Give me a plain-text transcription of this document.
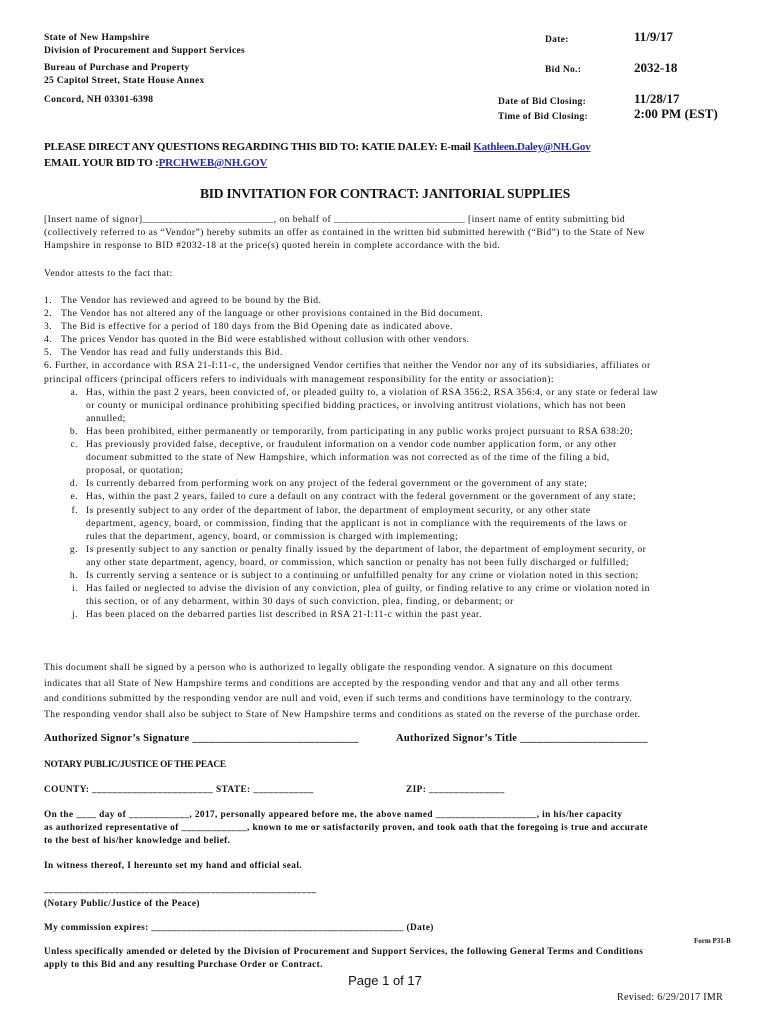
State of New Hampshire
Division of Procurement and Support Services
Bureau of Purchase and Property
25 Capitol Street, State House Annex
Concord, NH 03301-6398
Date:	11/9/17
Bid No.:	2032-18
Date of Bid Closing:	11/28/17
Time of Bid Closing:	2:00 PM (EST)
PLEASE DIRECT ANY QUESTIONS REGARDING THIS BID TO: KATIE DALEY: E-mail Kathleen.Daley@NH.Gov
EMAIL YOUR BID TO :PRCHWEB@NH.GOV
BID INVITATION FOR CONTRACT: JANITORIAL SUPPLIES
[Insert name of signor]_________________________, on behalf of _________________________ [insert name of entity submitting bid
(collectively referred to as “Vendor”) hereby submits an offer as contained in the written bid submitted herewith (“Bid”) to the State of New
Hampshire in response to BID #2032-18 at the price(s) quoted herein in complete accordance with the bid.
Vendor attests to the fact that:
1. The Vendor has reviewed and agreed to be bound by the Bid.
2. The Vendor has not altered any of the language or other provisions contained in the Bid document.
3. The Bid is effective for a period of 180 days from the Bid Opening date as indicated above.
4. The prices Vendor has quoted in the Bid were established without collusion with other vendors.
5. The Vendor has read and fully understands this Bid.
6. Further, in accordance with RSA 21-I:11-c, the undersigned Vendor certifies that neither the Vendor nor any of its subsidiaries, affiliates or
principal officers (principal officers refers to individuals with management responsibility for the entity or association):
a. Has, within the past 2 years, been convicted of, or pleaded guilty to, a violation of RSA 356:2, RSA 356:4, or any state or federal law
or county or municipal ordinance prohibiting specified bidding practices, or involving antitrust violations, which has not been
annulled;
b. Has been prohibited, either permanently or temporarily, from participating in any public works project pursuant to RSA 638:20;
c. Has previously provided false, deceptive, or fraudulent information on a vendor code number application form, or any other
document submitted to the state of New Hampshire, which information was not corrected as of the time of the filing a bid,
proposal, or quotation;
d. Is currently debarred from performing work on any project of the federal government or the government of any state;
e. Has, within the past 2 years, failed to cure a default on any contract with the federal government or the government of any state;
f. Is presently subject to any order of the department of labor, the department of employment security, or any other state
department, agency, board, or commission, finding that the applicant is not in compliance with the requirements of the laws or
rules that the department, agency, board, or commission is charged with implementing;
g. Is presently subject to any sanction or penalty finally issued by the department of labor, the department of employment security, or
any other state department, agency, board, or commission, which sanction or penalty has not been fully discharged or fulfilled;
h. Is currently serving a sentence or is subject to a continuing or unfulfilled penalty for any crime or violation noted in this section;
i. Has failed or neglected to advise the division of any conviction, plea of guilty, or finding relative to any crime or violation noted in
this section, or of any debarment, within 30 days of such conviction, plea, finding, or debarment; or
j. Has been placed on the debarred parties list described in RSA 21-I:11-c within the past year.
This document shall be signed by a person who is authorized to legally obligate the responding vendor. A signature on this document
indicates that all State of New Hampshire terms and conditions are accepted by the responding vendor and that any and all other terms
and conditions submitted by the responding vendor are null and void, even if such terms and conditions have terminology to the contrary.
The responding vendor shall also be subject to State of New Hampshire terms and conditions as stated on the reverse of the purchase order.
Authorized Signor’s Signature ______________________________	Authorized Signor’s Title _______________________
NOTARY PUBLIC/JUSTICE OF THE PEACE
COUNTY: ________________________ STATE: ____________	ZIP: _______________
On the ____ day of ____________, 2017, personally appeared before me, the above named ____________________, in his/her capacity
as authorized representative of _____________, known to me or satisfactorily proven, and took oath that the foregoing is true and accurate
to the best of his/her knowledge and belief.
In witness thereof, I hereunto set my hand and official seal.
______________________________________________________
(Notary Public/Justice of the Peace)
My commission expires: __________________________________________________ (Date)
Form P31-B
Unless specifically amended or deleted by the Division of Procurement and Support Services, the following General Terms and Conditions
apply to this Bid and any resulting Purchase Order or Contract.
Page 1 of 17
Revised: 6/29/2017 IMR
